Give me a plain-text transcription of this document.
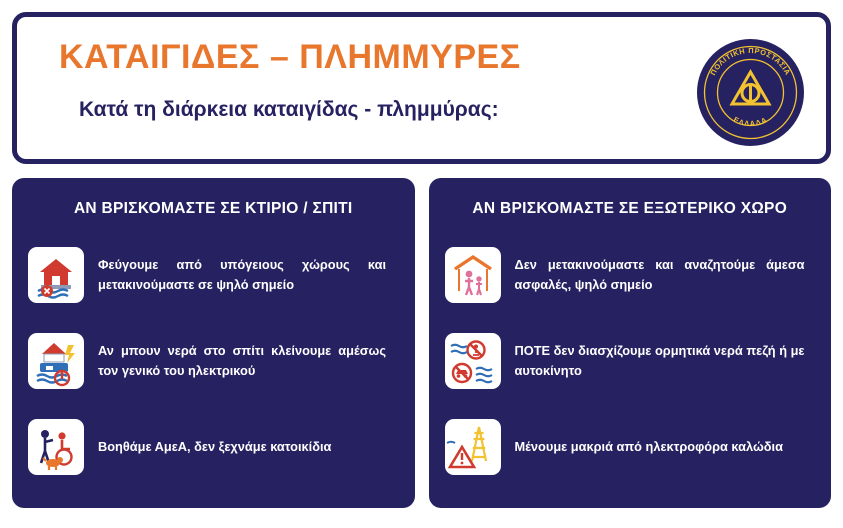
ΚΑΤΑΙΓΙΔΕΣ – ΠΛΗΜΜΥΡΕΣ
Κατά τη διάρκεια καταιγίδας - πλημμύρας:
ΠΟΛΙΤΙΚΗ ΠΡΟΣΤΑΣΙΑ
ΕΛΛΑΔΑ
ΑΝ ΒΡΙΣΚΟΜΑΣΤΕ ΣΕ ΚΤΙΡΙΟ / ΣΠΙΤΙ
Φεύγουμε από υπόγειους χώρους και μετακινούμαστε σε ψηλό σημείο
Αν μπουν νερά στο σπίτι κλείνουμε αμέσως τον γενικό του ηλεκτρικού
Βοηθάμε ΑμεΑ, δεν ξεχνάμε κατοικίδια
ΑΝ ΒΡΙΣΚΟΜΑΣΤΕ ΣΕ ΕΞΩΤΕΡΙΚΟ ΧΩΡΟ
Δεν μετακινούμαστε και αναζητούμε άμεσα ασφαλές, ψηλό σημείο
ΠΟΤΕ δεν διασχίζουμε ορμητικά νερά πεζή ή με αυτοκίνητο
Μένουμε μακριά από ηλεκτροφόρα καλώδια
